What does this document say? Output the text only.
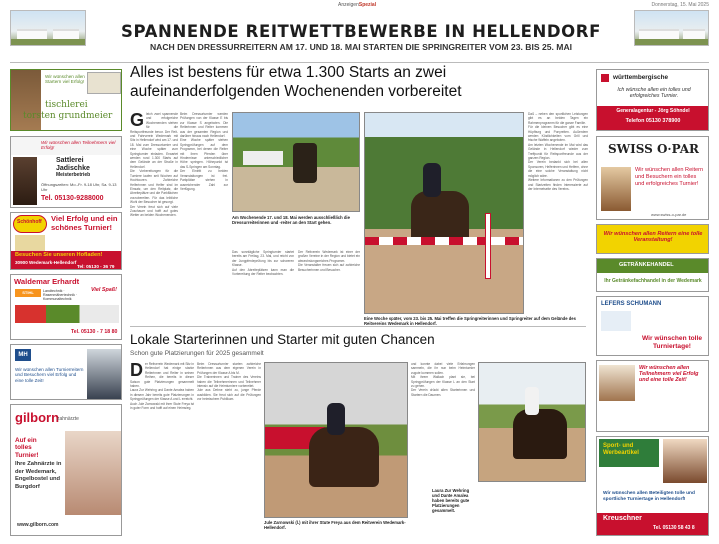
AnzeigenSpezial	Donnerstag, 15. Mai 2025
SPANNENDE REITWETTBEWERBE IN HELLENDORF
NACH DEN DRESSURREITERN AM 17. UND 18. MAI STARTEN DIE SPRINGREITER VOM 23. BIS 25. MAI
Wir wünschen allen Startern viel Erfolg!
tischlerei
torsten grundmeier
Wir wünschen allen Teilnehmern viel Erfolg!
Sattlerei
Jadischke
Meisterbetrieb
Öffnungszeiten: Mo.-Fr. 9-18 Uhr, Sa. 9-13 Uhr
Tel. 05130-9288000
Schönhoff Viel Erfolg und ein schönes Turnier!
Besuchen Sie unseren Hofladen!
30900 Wedemark-Hellendorf
Tel: 05130 - 36 79
Waldemar Erhardt
Viel Spaß!
STIHL	Landtechnik · Rasenmähertechnik · Kommunaltechnik
Tel. 05130 - 7 18 80
MH
Wir wünschen allen Turnierreitern und Besuchern viel Erfolg und eine tolle Zeit!
gilborn
zahnärzte
Auf ein tolles Turnier!
Ihre Zahnärzte in der Wedemark, Engelbostel und Burgdorf
www.gilborn.com
Alles ist bestens für etwa 1.300 Starts an zwei aufeinanderfolgenden Wochenenden vorbereitet
Gleich zwei spannende und erfolgreiche Wochenenden stehen für die Reitsportfreunde bevor. Der Reit- und Fahrverein Wedemark mit Sitz in Hellendorf wird am 17. und 18. Mai zum Dressurturnier und eine Woche später zum Springturnier einladen. Erwartet werden rund 1.300 Starts auf dem Gelände an der Straße in Hellendorf.
Die Vorbereitungen für die Turniere laufen seit Wochen auf Hochtouren. Zahlreiche Helferinnen und Helfer sind im Einsatz, um den Reitplatz, die Abreiteplätze und die Parkflächen vorzubereiten. Für das leibliche Wohl der Besucher ist gesorgt.
Der Verein freut sich auf viele Zuschauer und hofft auf gutes Wetter an beiden Wochenenden.
Beim Dressurturnier werden Prüfungen von der Klasse E bis zur Klasse S angeboten. Die Reiterinnen und Reiter kommen aus der gesamten Region und darüber hinaus nach Hellendorf.
Eine Woche später stehen Springprüfungen auf dem Programm, bei denen die Reiter mit ihren Pferden über Hindernisse unterschiedlicher Höhe springen. Höhepunkt ist das S-Springen am Sonntag.
Der Eintritt zu beiden Veranstaltungen ist frei. Parkplätze stehen in ausreichender Zahl zur Verfügung.
Am Wochenende 17. und 18. Mai werden ausschließlich die Dressurreiterinnen und -reiter an den Start gehen.
Das sonntägliche Springturnier startet bereits am Freitag, 23. Mai, und reicht von der Jungpferdeprüfung bis zur schweren Klasse.
Auf den Abreiteplätzen kann man die Vorbereitung der Reiter beobachten.
Der Reitverein Wedemark ist einer der großen Vereine in der Region und bietet ein abwechslungsreiches Programm.
Die Veranstalter freuen sich auf zahlreiche Besucherinnen und Besucher.
Eine Woche später, vom 23. bis 25. Mai treffen die Springreiterinnen und Springreiter auf dem Gelände des Reitvereins Wedemark in Hellendorf.
Daß – neben den sportlichen Leistungen gibt es an beiden Tagen ein Rahmenprogramm für die ganze Familie.
Für die kleinen Besucher gibt es eine Hüpfburg und Ponyreiten. Außerdem werden Köstlichkeiten vom Grill und frische Waffeln angeboten.
Am letzten Wochenende im Mai wird das Gelände in Hellendorf wieder zum Treffpunkt für Reitsportfreunde aus der ganzen Region.
Der Verein bedankt sich bei allen Sponsoren, Helferinnen und Helfern, ohne die eine solche Veranstaltung nicht möglich wäre.
Weitere Informationen zu den Prüfungen und Startzeiten finden Interessierte auf der Internetseite des Vereins.
Lokale Starterinnen und Starter mit guten Chancen
Schon gute Platzierungen für 2025 gesammelt
Der Reitverein Wedemark mit Sitz in Hellendorf hat einige starke Reiterinnen und Reiter in seinen Reihen, die bereits in dieser Saison gute Platzierungen gesammelt haben.
Laura Zur Wehring und Dante Amalea haben in diesem Jahr bereits gute Platzierungen in Springprüfungen der Klasse A und L erreicht.
Auch Jule Zarnowski mit ihrer Stute Freya ist in guter Form und hofft auf einen Heimsieg.
Beim Dressurturnier starten zahlreiche Reiterinnen aus dem eigenen Verein in Prüfungen der Klasse A bis M.
Die Trainerinnen und Trainer des Vereins haben die Teilnehmerinnen und Teilnehmer intensiv auf die Heimturniere vorbereitet.
Jule aus Debne steht zu, junge Pferde ausbilden. Sie freut sich auf die Prüfungen vor heimischem Publikum.
Jule Zarnowski (l.) mit ihrer Stute Freya aus dem Reitverein Wedemark-Hellendorf.
und konnte dabei viele Erfahrungen sammeln, die ihr nun beim Heimturnier zugute kommen sollen.
Mit ihrem Wallach plant sie, bei Springprüfungen der Klasse L an den Start zu gehen.
Der Verein drückt allen Starterinnen und Startern die Daumen.
Laura Zur Wehring und Dante Amalea haben bereits gute Platzierungen gesammelt.
württembergische
Ich wünsche allen ein tolles und erfolgreiches Turnier.
Generalagentur - Jörg Söhndel
Telefon 05130 378900
SWISS O·PAR
Wir wünschen allen Reitern und Besuchern ein tolles und erfolgreiches Turnier!
www.swiss-o-par.de
Wir wünschen allen Reitern eine tolle Veranstaltung!
GETRÄNKEHANDEL
Ihr Getränkefachhandel in der Wedemark
LEFERS SCHUMANN
Wir wünschen tolle Turniertage!
Wir wünschen allen Teilnehmern viel Erfolg und eine tolle Zeit!
Sport- und Werbeartikel
Wir wünschen allen Beteiligten tolle und sportliche Turniertage in Hellendorf!
Kreuschner
Tel. 05130 58 43 8
